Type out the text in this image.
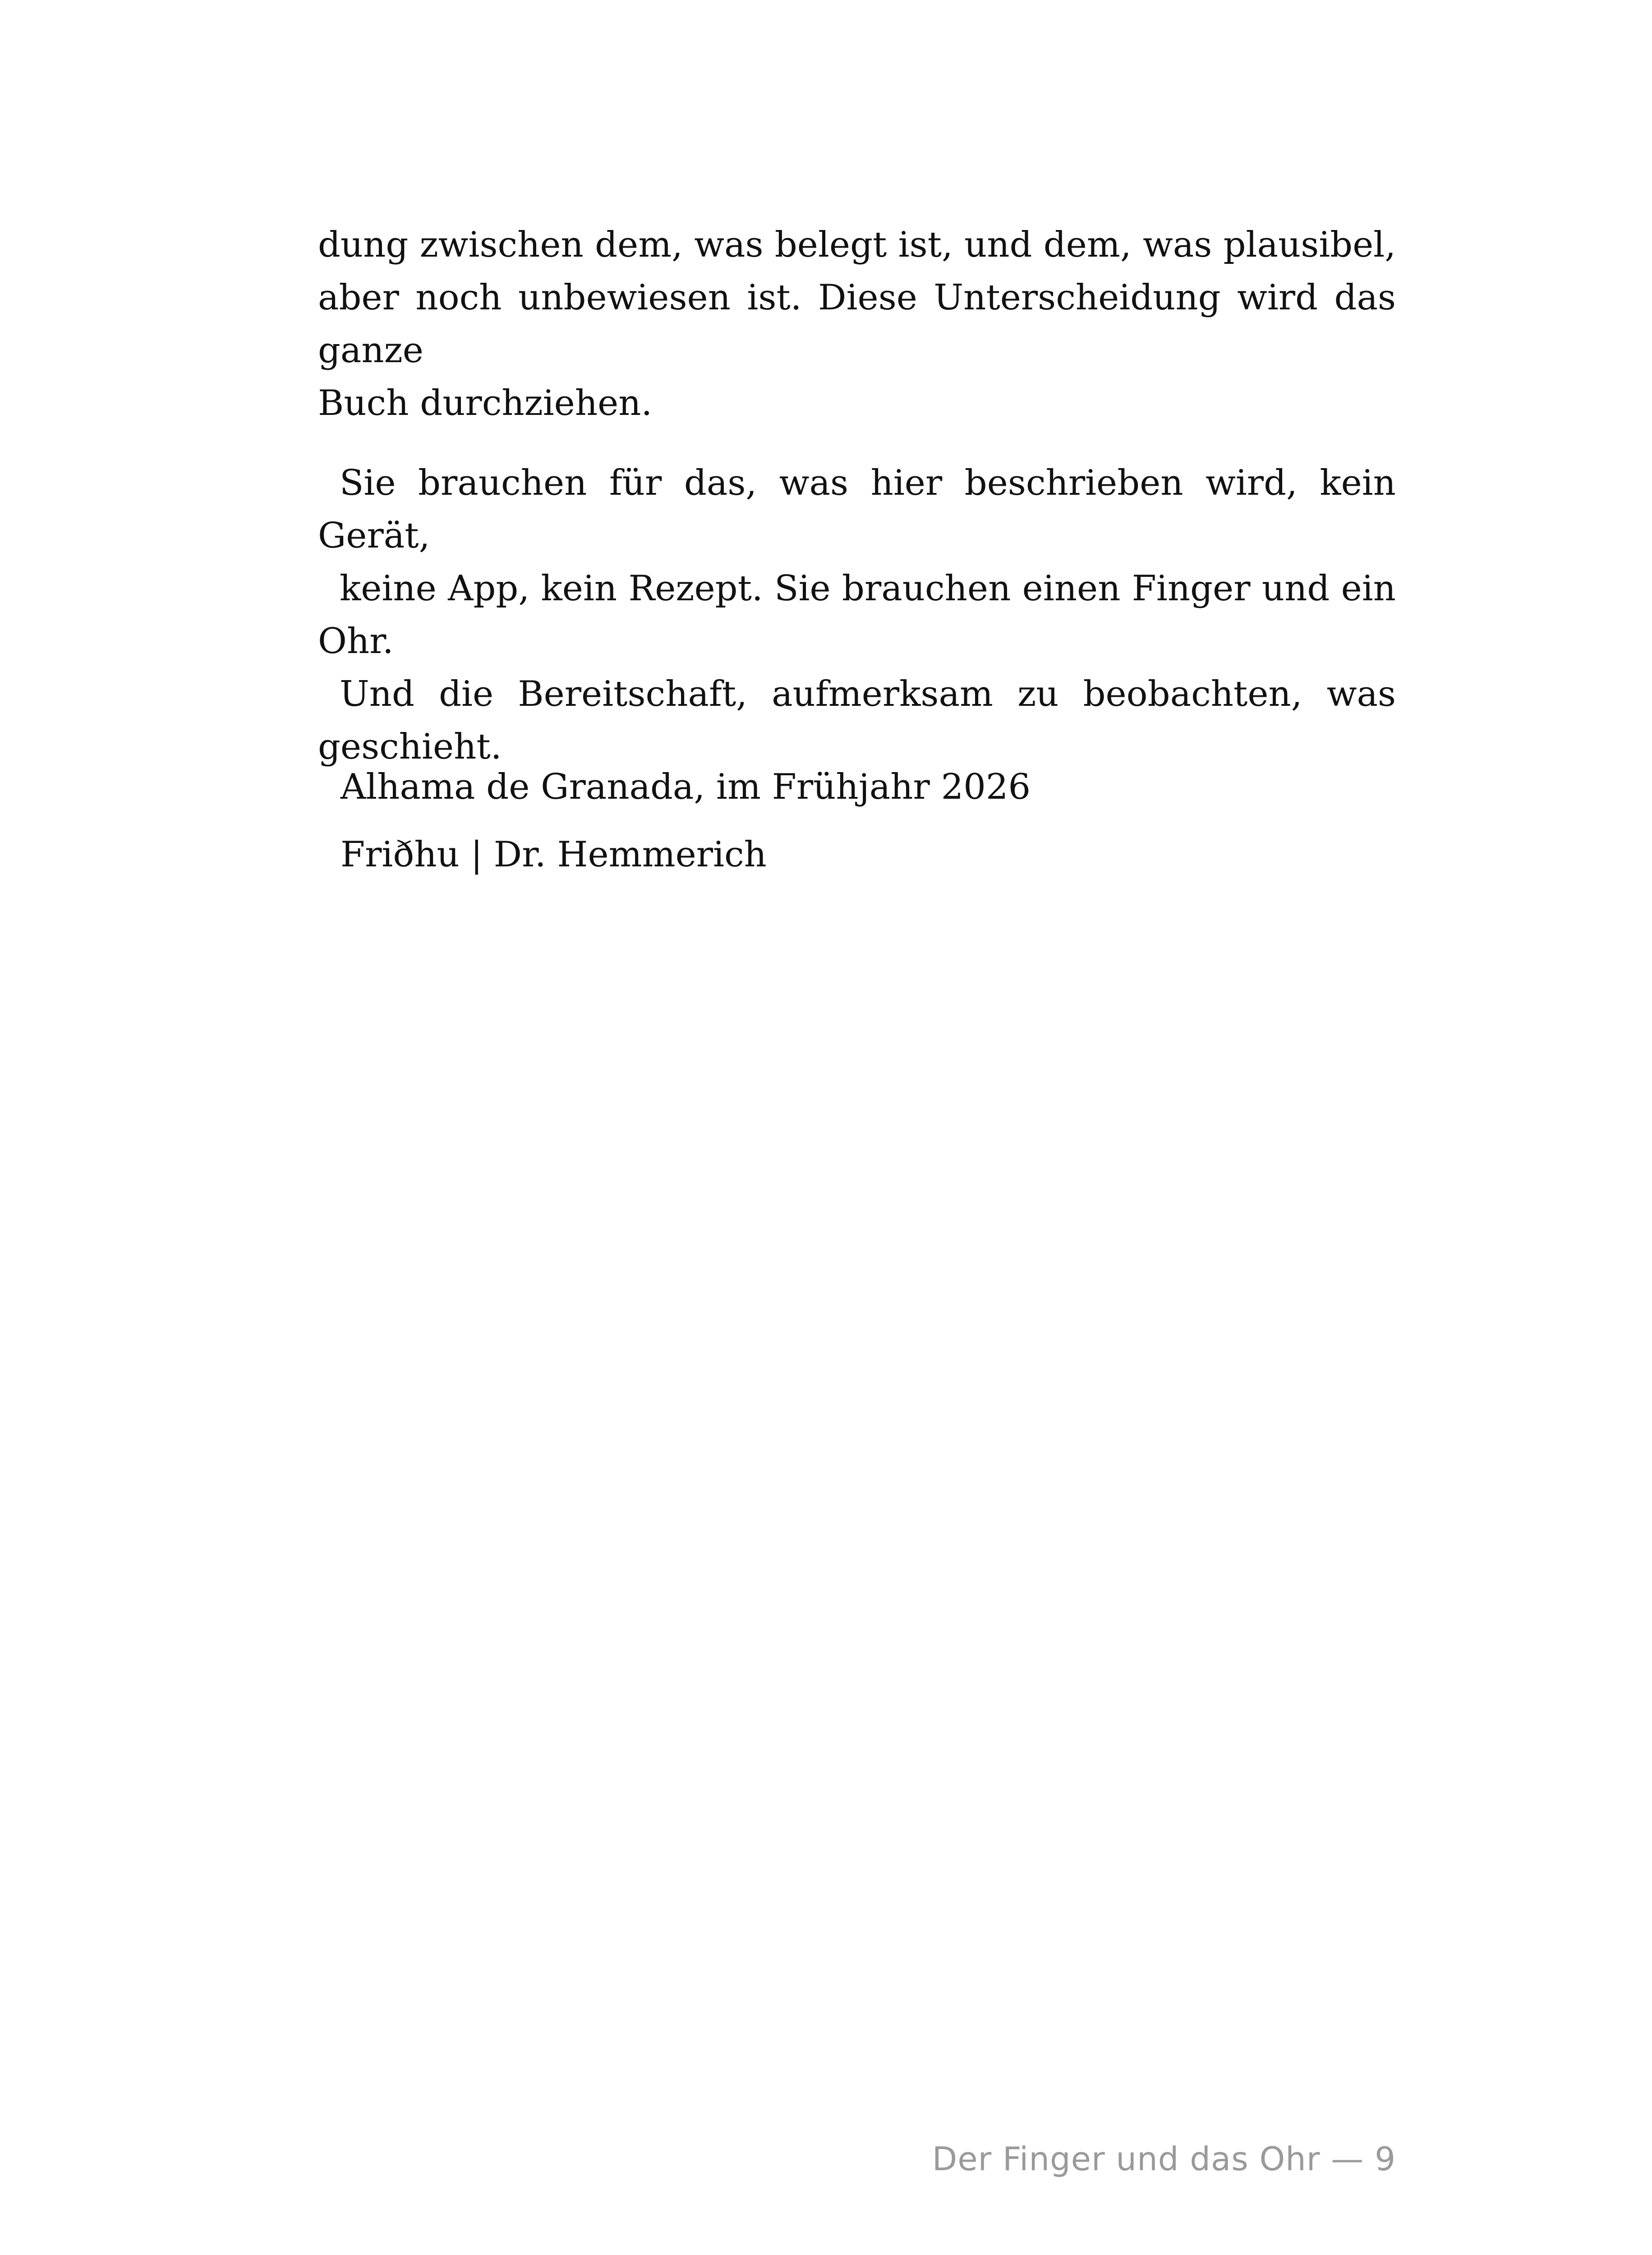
dung zwischen dem, was belegt ist, und dem, was plausibel,
aber noch unbewiesen ist. Diese Unterscheidung wird das ganze
Buch durchziehen.
Sie brauchen für das, was hier beschrieben wird, kein Gerät,
keine App, kein Rezept. Sie brauchen einen Finger und ein Ohr.
Und die Bereitschaft, aufmerksam zu beobachten, was geschieht.
Alhama de Granada, im Frühjahr 2026
Friðhu | Dr. Hemmerich
Der Finger und das Ohr — 9
